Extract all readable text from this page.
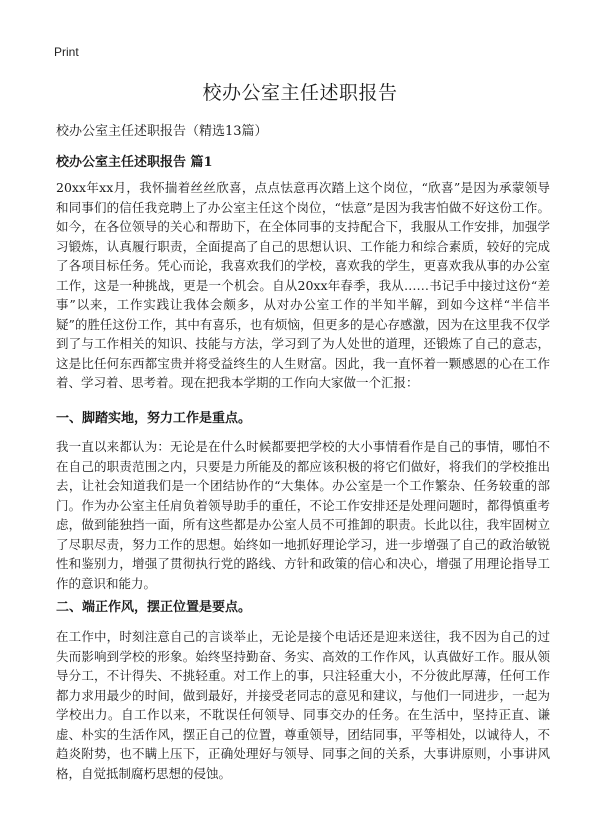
Print
校办公室主任述职报告

校办公室主任述职报告（精选13篇）

校办公室主任述职报告 篇1

20xx年xx月，我怀揣着丝丝欣喜，点点怯意再次踏上这个岗位，“欣喜”是因为承蒙领导和同事们的信任我竞聘上了办公室主任这个岗位，“怯意”是因为我害怕做不好这份工作。如今，在各位领导的关心和帮助下，在全体同事的支持配合下，我服从工作安排，加强学习锻炼，认真履行职责，全面提高了自己的思想认识、工作能力和综合素质，较好的完成了各项目标任务。凭心而论，我喜欢我们的学校，喜欢我的学生，更喜欢我从事的办公室工作，这是一种挑战，更是一个机会。自从20xx年春季，我从……书记手中接过这份“差事”以来，工作实践让我体会颇多，从对办公室工作的半知半解，到如今这样“半信半疑”的胜任这份工作，其中有喜乐，也有烦恼，但更多的是心存感激，因为在这里我不仅学到了与工作相关的知识、技能与方法，学习到了为人处世的道理，还锻炼了自己的意志，这是比任何东西都宝贵并将受益终生的人生财富。因此，我一直怀着一颗感恩的心在工作着、学习着、思考着。现在把我本学期的工作向大家做一个汇报：

一、脚踏实地，努力工作是重点。

我一直以来都认为：无论是在什么时候都要把学校的大小事情看作是自己的事情，哪怕不在自己的职责范围之内，只要是力所能及的都应该积极的将它们做好，将我们的学校推出去，让社会知道我们是一个团结协作的“大集体。办公室是一个工作繁杂、任务较重的部门。作为办公室主任肩负着领导助手的重任，不论工作安排还是处理问题时，都得慎重考虑，做到能独挡一面，所有这些都是办公室人员不可推卸的职责。长此以往，我牢固树立了尽职尽责，努力工作的思想。始终如一地抓好理论学习，进一步增强了自己的政治敏锐性和鉴别力，增强了贯彻执行党的路线、方针和政策的信心和决心，增强了用理论指导工作的意识和能力。

二、端正作风，摆正位置是要点。

在工作中，时刻注意自己的言谈举止，无论是接个电话还是迎来送往，我不因为自己的过失而影响到学校的形象。始终坚持勤奋、务实、高效的工作作风，认真做好工作。服从领导分工，不计得失、不挑轻重。对工作上的事，只注轻重大小，不分彼此厚薄，任何工作都力求用最少的时间，做到最好，并接受老同志的意见和建议，与他们一同进步，一起为学校出力。自工作以来，不耽误任何领导、同事交办的任务。在生活中，坚持正直、谦虚、朴实的生活作风，摆正自己的位置，尊重领导，团结同事，平等相处，以诚待人，不趋炎附势，也不瞒上压下，正确处理好与领导、同事之间的关系，大事讲原则，小事讲风格，自觉抵制腐朽思想的侵蚀。
